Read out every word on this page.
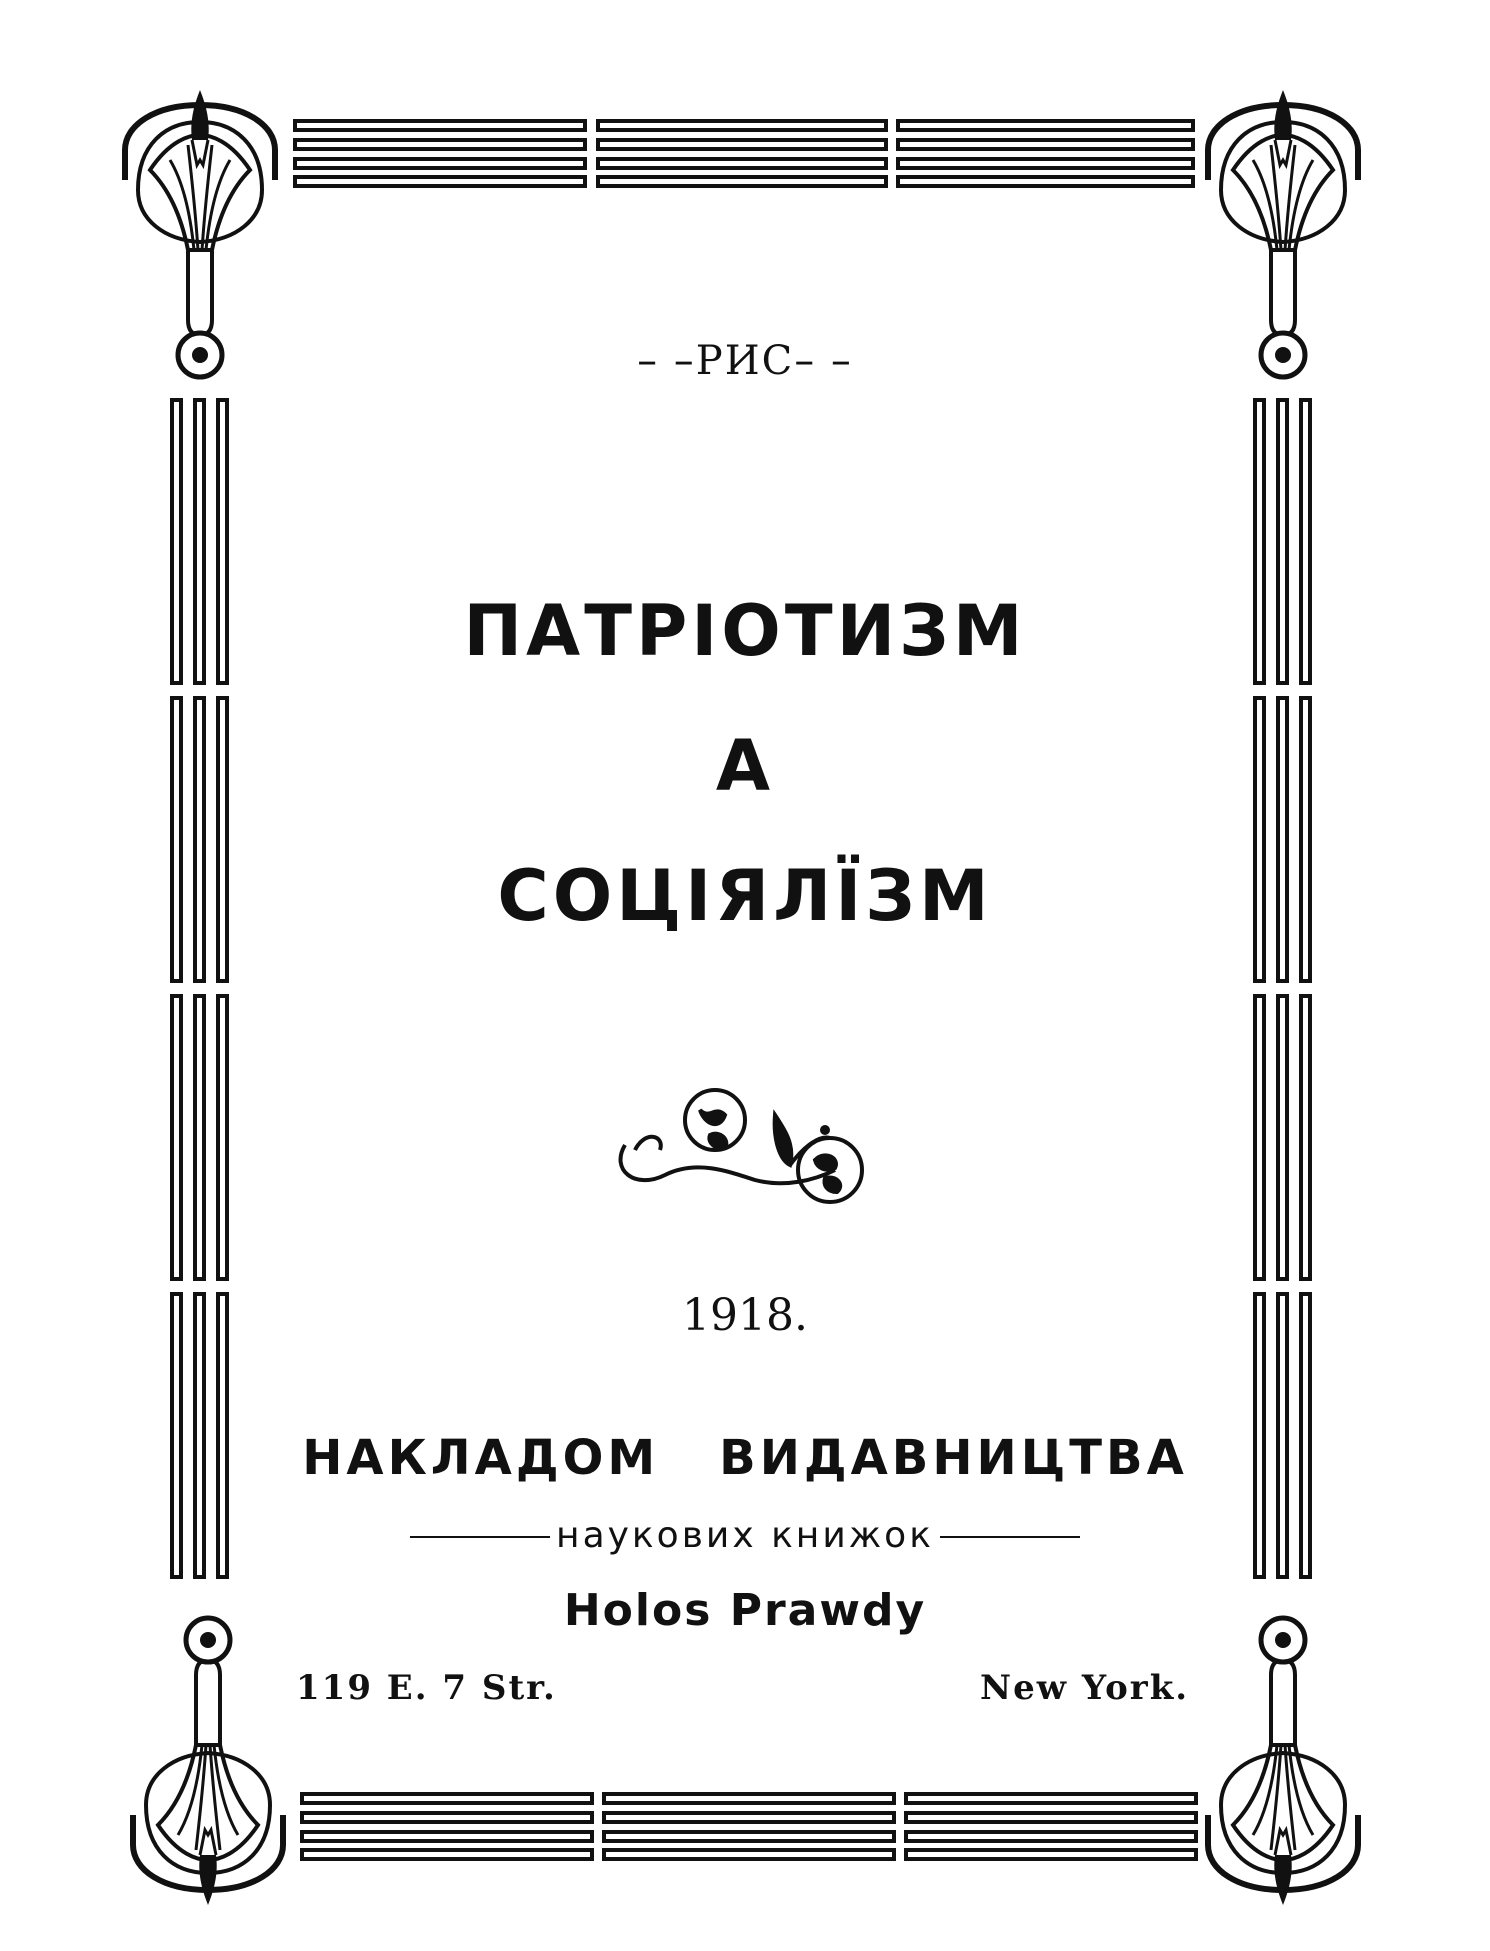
– –РИС– –
ПАТРІОТИЗМ
А
СОЦІЯЛЇЗМ
1918.
НАКЛАДОМ ВИДАВНИЦТВА
наукових книжок
Holos Prawdy
119 E. 7 Str.	New York.
